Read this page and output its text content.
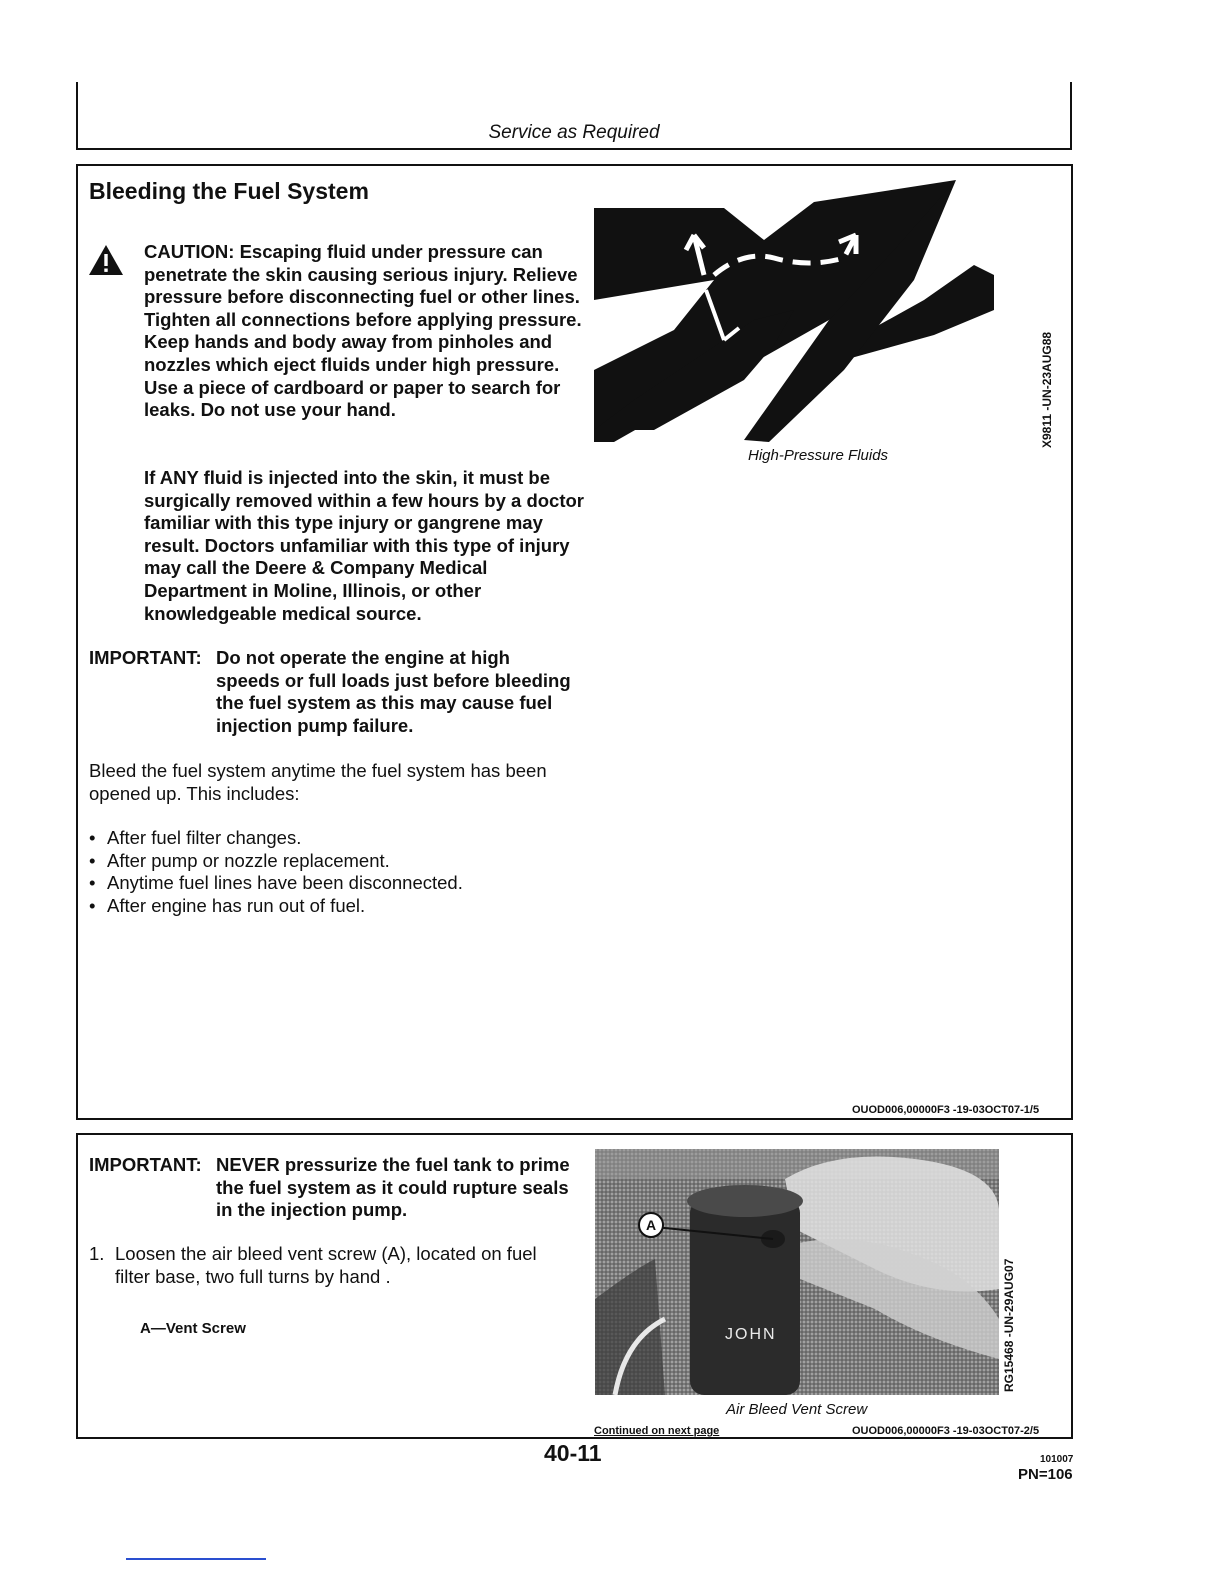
Service as Required
Bleeding the Fuel System
CAUTION: Escaping fluid under pressure can penetrate the skin causing serious injury. Relieve pressure before disconnecting fuel or other lines. Tighten all connections before applying pressure. Keep hands and body away from pinholes and nozzles which eject fluids under high pressure. Use a piece of cardboard or paper to search for leaks. Do not use your hand.
If ANY fluid is injected into the skin, it must be surgically removed within a few hours by a doctor familiar with this type injury or gangrene may result. Doctors unfamiliar with this type of injury may call the Deere & Company Medical Department in Moline, Illinois, or other knowledgeable medical source.
IMPORTANT: Do not operate the engine at high speeds or full loads just before bleeding the fuel system as this may cause fuel injection pump failure.
Bleed the fuel system anytime the fuel system has been opened up. This includes:
• After fuel filter changes.
• After pump or nozzle replacement.
• Anytime fuel lines have been disconnected.
• After engine has run out of fuel.
High-Pressure Fluids
X9811 -UN-23AUG88
OUOD006,00000F3 -19-03OCT07-1/5
IMPORTANT: NEVER pressurize the fuel tank to prime the fuel system as it could rupture seals in the injection pump.
1. Loosen the air bleed vent screw (A), located on fuel filter base, two full turns by hand .
A—Vent Screw
A
JOHN
Air Bleed Vent Screw
RG15468 -UN-29AUG07
Continued on next page	OUOD006,00000F3 -19-03OCT07-2/5
40-11	101007
PN=106
